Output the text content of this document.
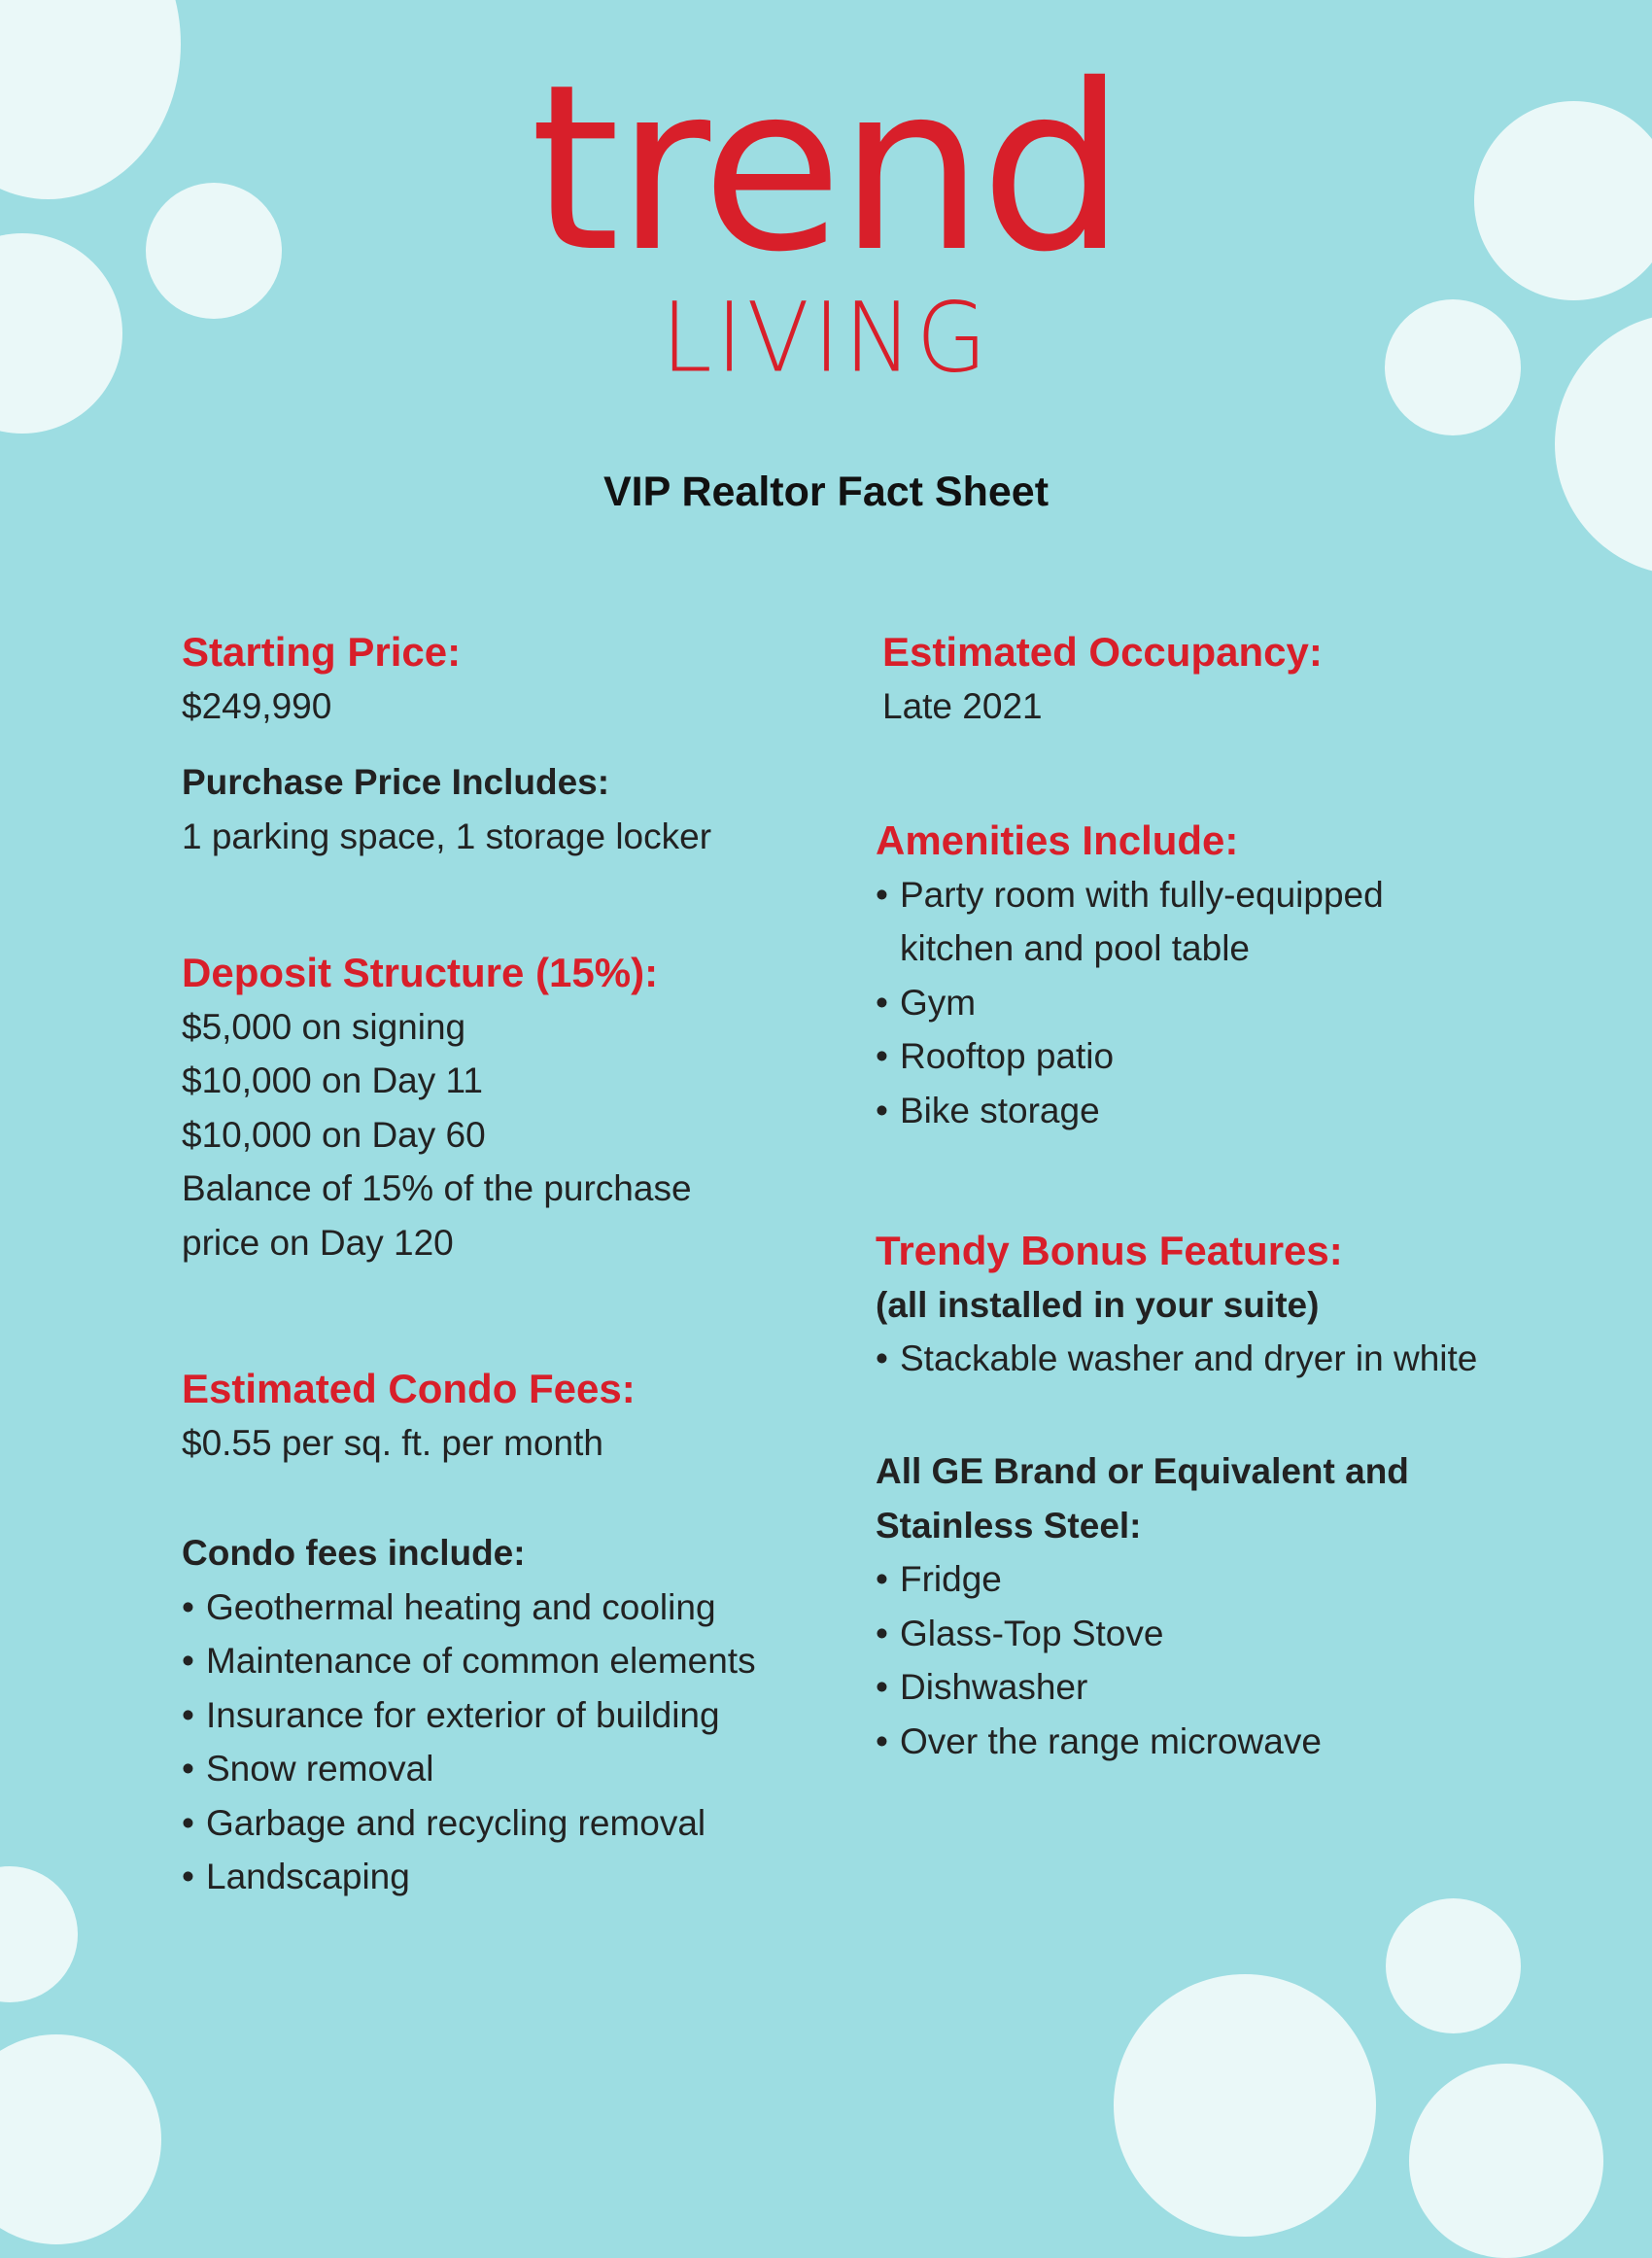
trend
LIVING
VIP Realtor Fact Sheet
Starting Price:
$249,990
Purchase Price Includes:
1 parking space, 1 storage locker
Deposit Structure (15%):
$5,000 on signing
$10,000 on Day 11
$10,000 on Day 60
Balance of 15% of the purchase
price on Day 120
Estimated Condo Fees:
$0.55 per sq. ft. per month
Condo fees include:
• Geothermal heating and cooling
• Maintenance of common elements
• Insurance for exterior of building
• Snow removal
• Garbage and recycling removal
• Landscaping
Estimated Occupancy:
Late 2021
Amenities Include:
• Party room with fully-equipped kitchen and pool table
• Gym
• Rooftop patio
• Bike storage
Trendy Bonus Features:
(all installed in your suite)
• Stackable washer and dryer in white
All GE Brand or Equivalent and
Stainless Steel:
• Fridge
• Glass-Top Stove
• Dishwasher
• Over the range microwave
